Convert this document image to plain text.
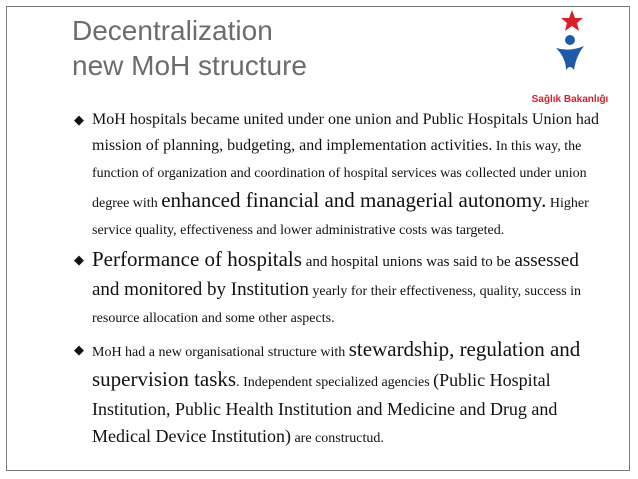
Decentralization
new MoH structure
Sağlık Bakanlığı
◆ MoH hospitals became united under one union and Public Hospitals Union had mission of planning, budgeting, and implementation activities. In this way, the function of organization and coordination of hospital services was collected under union degree with enhanced financial and managerial autonomy. Higher service quality, effectiveness and lower administrative costs was targeted.
◆ Performance of hospitals and hospital unions was said to be assessed and monitored by Institution yearly for their effectiveness, quality, success in resource allocation and some other aspects.
◆ MoH had a new organisational structure with stewardship, regulation and supervision tasks. Independent specialized agencies (Public Hospital Institution, Public Health Institution and Medicine and Drug and Medical Device Institution) are constructud.
